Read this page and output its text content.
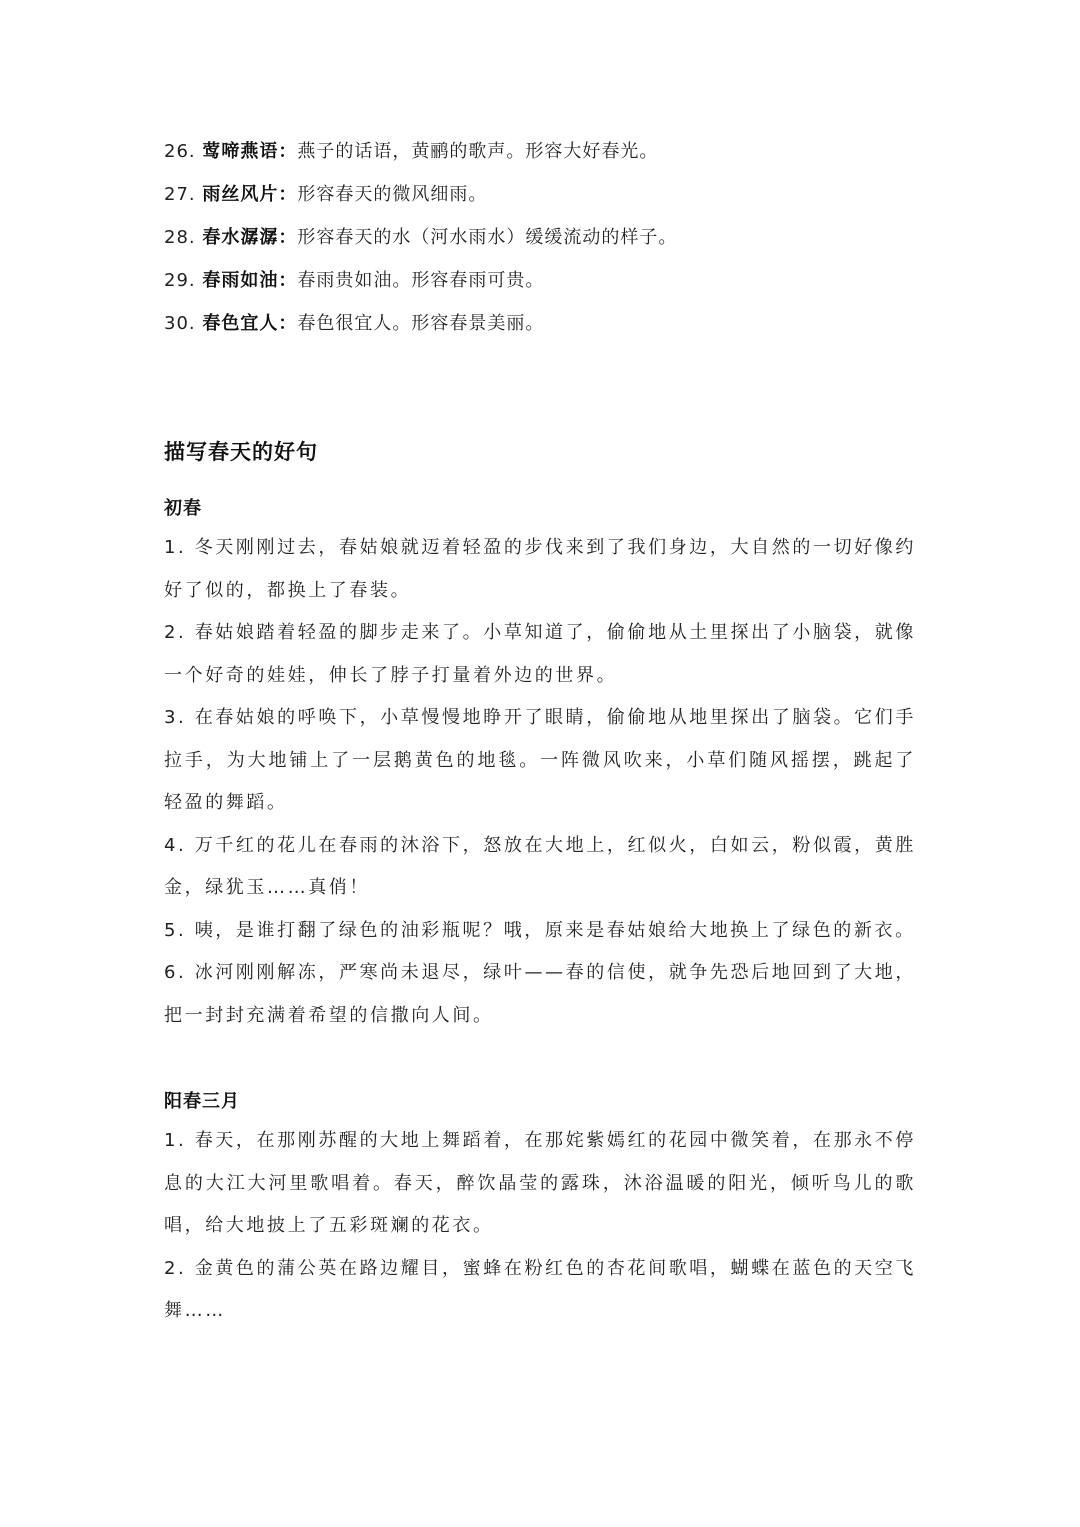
26. 莺啼燕语：燕子的话语，黄鹂的歌声。形容大好春光。
27. 雨丝风片：形容春天的微风细雨。
28. 春水潺潺：形容春天的水（河水雨水）缓缓流动的样子。
29. 春雨如油：春雨贵如油。形容春雨可贵。
30. 春色宜人：春色很宜人。形容春景美丽。
描写春天的好句
初春

1. 冬天刚刚过去，春姑娘就迈着轻盈的步伐来到了我们身边，大自然的一切好像约好了似的，都换上了春装。

2. 春姑娘踏着轻盈的脚步走来了。小草知道了，偷偷地从土里探出了小脑袋，就像一个好奇的娃娃，伸长了脖子打量着外边的世界。

3. 在春姑娘的呼唤下，小草慢慢地睁开了眼睛，偷偷地从地里探出了脑袋。它们手拉手，为大地铺上了一层鹅黄色的地毯。一阵微风吹来，小草们随风摇摆，跳起了轻盈的舞蹈。

4. 万千红的花儿在春雨的沐浴下，怒放在大地上，红似火，白如云，粉似霞，黄胜金，绿犹玉……真俏！

5. 咦，是谁打翻了绿色的油彩瓶呢？哦，原来是春姑娘给大地换上了绿色的新衣。

6. 冰河刚刚解冻，严寒尚未退尽，绿叶——春的信使，就争先恐后地回到了大地，把一封封充满着希望的信撒向人间。

阳春三月

1. 春天，在那刚苏醒的大地上舞蹈着，在那姹紫嫣红的花园中微笑着，在那永不停息的大江大河里歌唱着。春天，醉饮晶莹的露珠，沐浴温暖的阳光，倾听鸟儿的歌唱，给大地披上了五彩斑斓的花衣。

2. 金黄色的蒲公英在路边耀目，蜜蜂在粉红色的杏花间歌唱，蝴蝶在蓝色的天空飞舞……
